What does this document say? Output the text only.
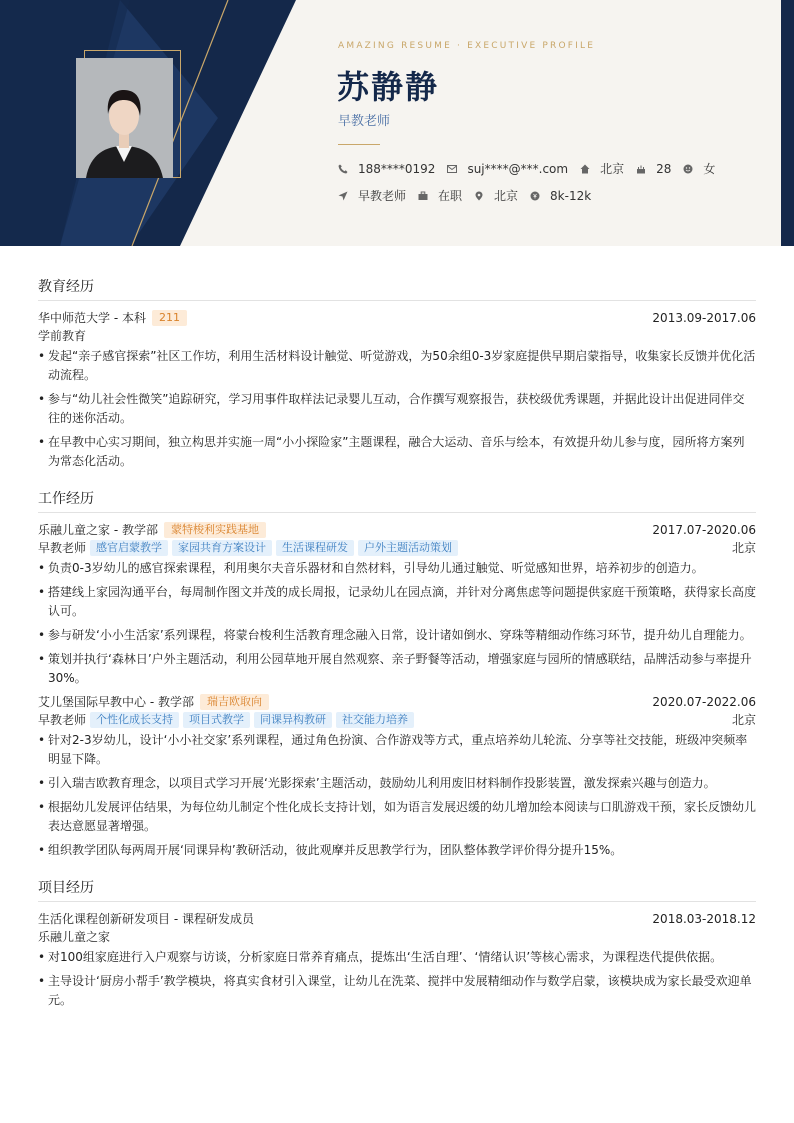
AMAZING RESUME · EXECUTIVE PROFILE
苏静静
早教老师
188****0192	suj****@***.com	北京	28	女
早教老师	在职	北京	8k-12k
教育经历
华中师范大学 - 本科	211	2013.09-2017.06
学前教育
• 发起“亲子感官探索”社区工作坊，利用生活材料设计触觉、听觉游戏，为50余组0-3岁家庭提供早期启蒙指导，收集家长反馈并优化活动流程。
• 参与“幼儿社会性微笑”追踪研究，学习用事件取样法记录婴儿互动，合作撰写观察报告，获校级优秀课题，并据此设计出促进同伴交往的迷你活动。
• 在早教中心实习期间，独立构思并实施一周“小小探险家”主题课程，融合大运动、音乐与绘本，有效提升幼儿参与度，园所将方案列为常态化活动。
工作经历
乐融儿童之家 - 教学部	蒙特梭利实践基地	2017.07-2020.06
早教老师 感官启蒙教学	家园共育方案设计	生活课程研发	户外主题活动策划	北京
• 负责0-3岁幼儿的感官探索课程，利用奥尔夫音乐器材和自然材料，引导幼儿通过触觉、听觉感知世界，培养初步的创造力。
• 搭建线上家园沟通平台，每周制作图文并茂的成长周报，记录幼儿在园点滴，并针对分离焦虑等问题提供家庭干预策略，获得家长高度认可。
• 参与研发‘小小生活家’系列课程，将蒙台梭利生活教育理念融入日常，设计诸如倒水、穿珠等精细动作练习环节，提升幼儿自理能力。
• 策划并执行‘森林日’户外主题活动，利用公园草地开展自然观察、亲子野餐等活动，增强家庭与园所的情感联结，品牌活动参与率提升30%。
艾儿堡国际早教中心 - 教学部	瑞吉欧取向	2020.07-2022.06
早教老师 个性化成长支持	项目式教学	同课异构教研	社交能力培养	北京
• 针对2-3岁幼儿，设计‘小小社交家’系列课程，通过角色扮演、合作游戏等方式，重点培养幼儿轮流、分享等社交技能，班级冲突频率明显下降。
• 引入瑞吉欧教育理念，以项目式学习开展‘光影探索’主题活动，鼓励幼儿利用废旧材料制作投影装置，激发探索兴趣与创造力。
• 根据幼儿发展评估结果，为每位幼儿制定个性化成长支持计划，如为语言发展迟缓的幼儿增加绘本阅读与口肌游戏干预，家长反馈幼儿表达意愿显著增强。
• 组织教学团队每两周开展‘同课异构’教研活动，彼此观摩并反思教学行为，团队整体教学评价得分提升15%。
项目经历
生活化课程创新研发项目 - 课程研发成员	2018.03-2018.12
乐融儿童之家
• 对100组家庭进行入户观察与访谈，分析家庭日常养育痛点，提炼出‘生活自理’、‘情绪认识’等核心需求，为课程迭代提供依据。
• 主导设计‘厨房小帮手’教学模块，将真实食材引入课堂，让幼儿在洗菜、搅拌中发展精细动作与数学启蒙，该模块成为家长最受欢迎单元。
